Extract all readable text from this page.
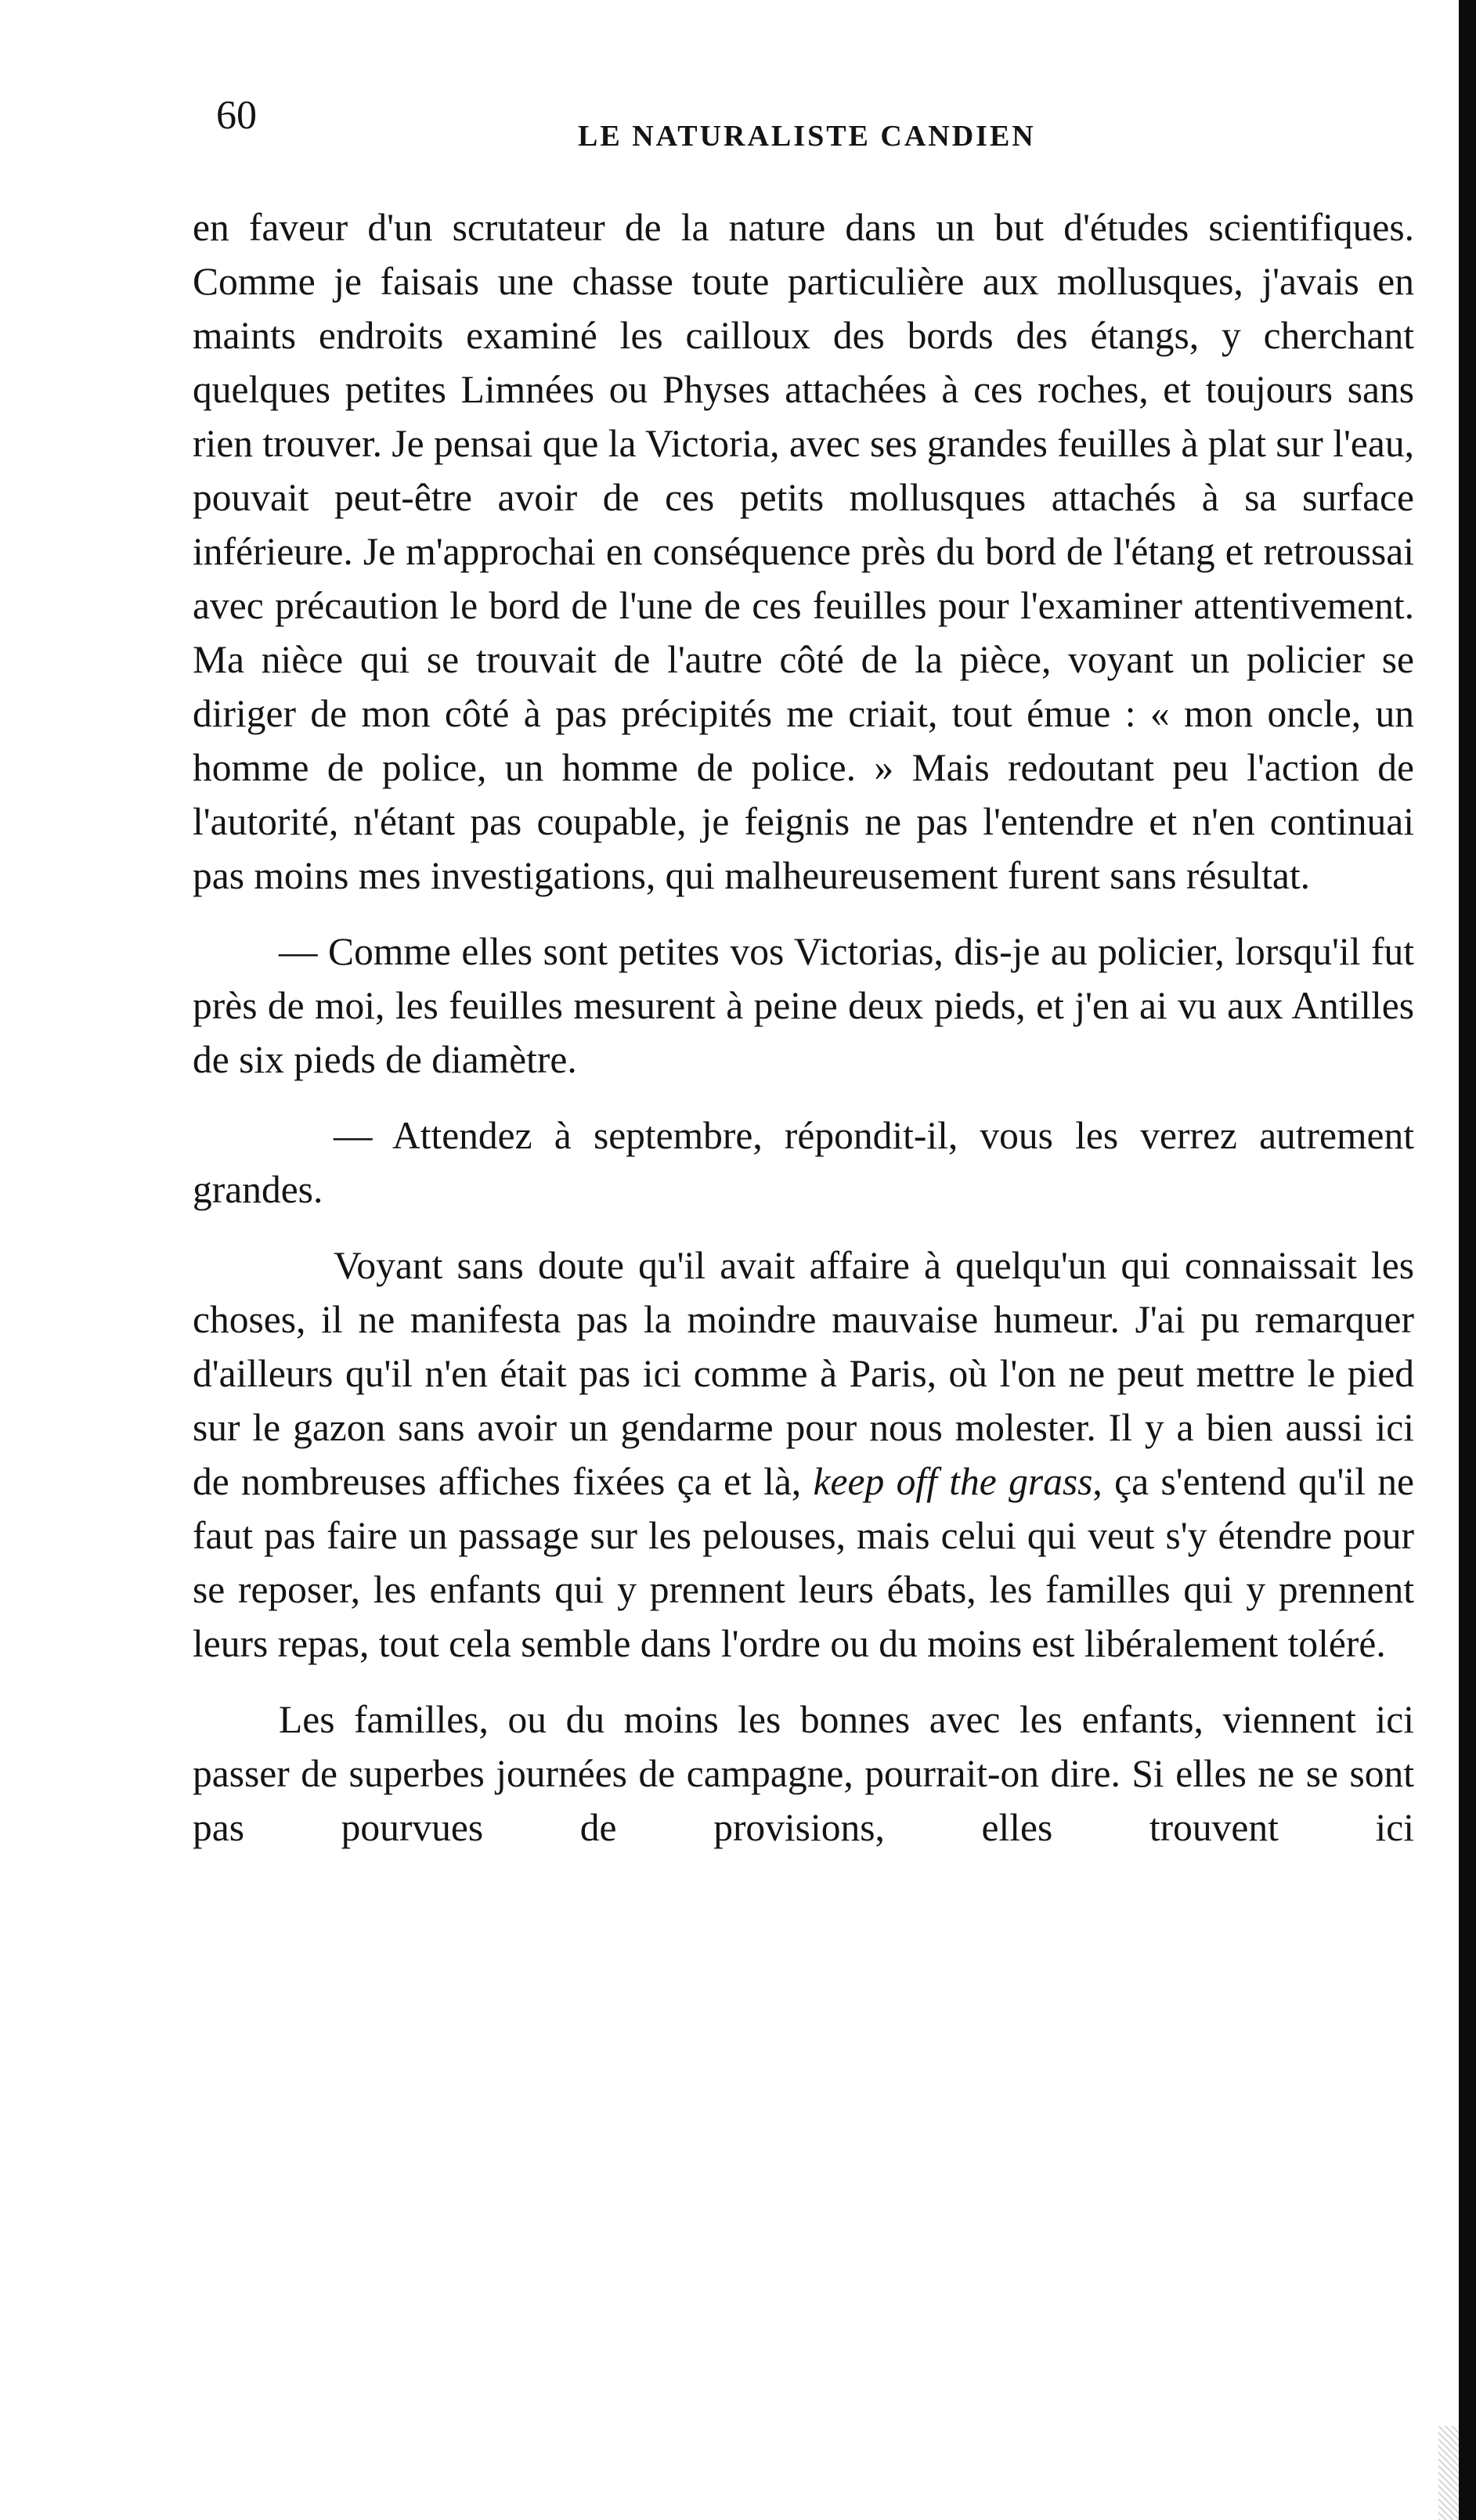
60	LE NATURALISTE CANDIEN

en faveur d'un scrutateur de la nature dans un but d'études scientifiques. Comme je faisais une chasse toute particulière aux mollusques, j'avais en maints endroits examiné les cailloux des bords des étangs, y cherchant quelques petites Limnées ou Physes attachées à ces roches, et toujours sans rien trouver. Je pensai que la Victoria, avec ses grandes feuilles à plat sur l'eau, pouvait peut-être avoir de ces petits mollusques attachés à sa surface inférieure. Je m'approchai en conséquence près du bord de l'étang et retroussai avec précaution le bord de l'une de ces feuilles pour l'examiner attentivement. Ma nièce qui se trouvait de l'autre côté de la pièce, voyant un policier se diriger de mon côté à pas précipités me criait, tout émue : « mon oncle, un homme de police, un homme de police. » Mais redoutant peu l'action de l'autorité, n'étant pas coupable, je feignis ne pas l'entendre et n'en continuai pas moins mes investigations, qui malheureusement furent sans résultat.

— Comme elles sont petites vos Victorias, dis-je au policier, lorsqu'il fut près de moi, les feuilles mesurent à peine deux pieds, et j'en ai vu aux Antilles de six pieds de diamètre.

— Attendez à septembre, répondit-il, vous les verrez autrement grandes.

Voyant sans doute qu'il avait affaire à quelqu'un qui connaissait les choses, il ne manifesta pas la moindre mauvaise humeur. J'ai pu remarquer d'ailleurs qu'il n'en était pas ici comme à Paris, où l'on ne peut mettre le pied sur le gazon sans avoir un gendarme pour nous molester. Il y a bien aussi ici de nombreuses affiches fixées ça et là, keep off the grass, ça s'entend qu'il ne faut pas faire un passage sur les pelouses, mais celui qui veut s'y étendre pour se reposer, les enfants qui y prennent leurs ébats, les familles qui y prennent leurs repas, tout cela semble dans l'ordre ou du moins est libéralement toléré.

Les familles, ou du moins les bonnes avec les enfants, viennent ici passer de superbes journées de campagne, pourrait-on dire. Si elles ne se sont pas pourvues de provisions, elles trouvent ici
